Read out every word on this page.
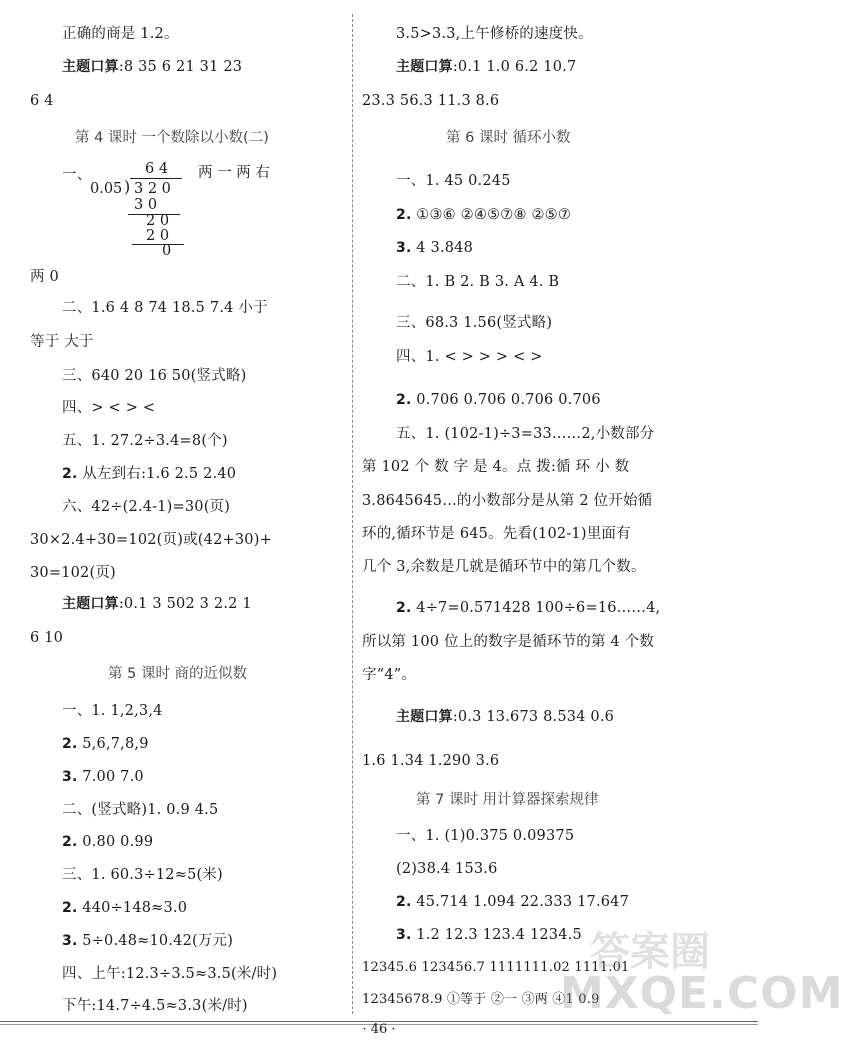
正确的商是 1.2。
主题口算:8 35 6 21 31 23
6 4
第 4 课时 一个数除以小数(二)
一、	6 4
0.05 ) 3 2 0
3 0
2 0
2 0
0
两 一 两 右
两 0
二、1.6 4 8 74 18.5 7.4 小于
等于 大于
三、640 20 16 50(竖式略)
四、> < > <
五、1. 27.2÷3.4=8(个)
2. 从左到右:1.6 2.5 2.40
六、42÷(2.4-1)=30(页)
30×2.4+30=102(页)或(42+30)+
30=102(页)
主题口算:0.1 3 502 3 2.2 1
6 10
第 5 课时 商的近似数
一、1. 1,2,3,4
2. 5,6,7,8,9
3. 7.00 7.0
二、(竖式略)1. 0.9 4.5
2. 0.80 0.99
三、1. 60.3÷12≈5(米)
2. 440÷148≈3.0
3. 5÷0.48≈10.42(万元)
四、上午:12.3÷3.5≈3.5(米/时)
下午:14.7÷4.5≈3.3(米/时)
3.5>3.3,上午修桥的速度快。
主题口算:0.1 1.0 6.2 10.7
23.3 56.3 11.3 8.6
第 6 课时 循环小数
一、1. 45 0.245
2. ①③⑥ ②④⑤⑦⑧ ②⑤⑦
3. 4 3.848
二、1. B 2. B 3. A 4. B
三、68.3 1.56(竖式略)
四、1. < > > > < >
2. 0.706 0.706 0.706 0.706
五、1. (102-1)÷3=33……2,小数部分
第 102 个 数 字 是 4。点 拨:循 环 小 数
3.8645645…的小数部分是从第 2 位开始循
环的,循环节是 645。先看(102-1)里面有
几个 3,余数是几就是循环节中的第几个数。
2. 4÷7=0.571428 100÷6=16……4,
所以第 100 位上的数字是循环节的第 4 个数
字“4”。
主题口算:0.3 13.673 8.534 0.6
1.6 1.34 1.290 3.6
第 7 课时 用计算器探索规律
一、1. (1)0.375 0.09375
(2)38.4 153.6
2. 45.714 1.094 22.333 17.647
3. 1.2 12.3 123.4 1234.5
12345.6 123456.7 1111111.02 1111.01
12345678.9 ①等于 ②一 ③两 ④1 0.9
答案圈
MXQE.COM
· 46 ·
